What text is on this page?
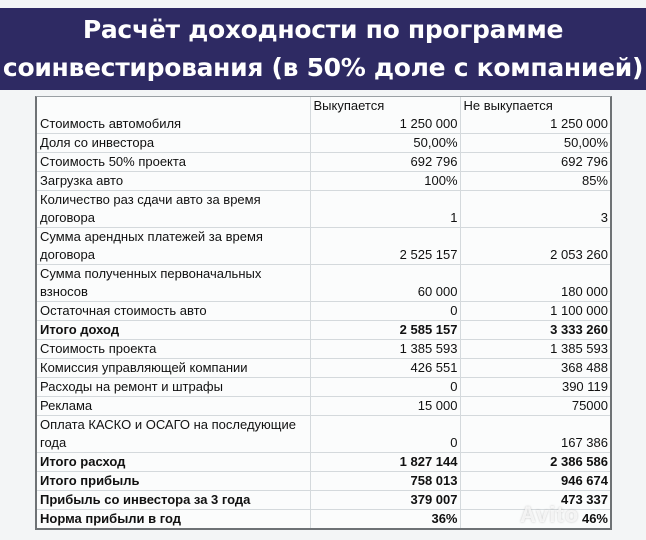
Расчёт доходности по программе
соинвестирования (в 50% доле с компанией)
	Выкупается	Не выкупается
Стоимость автомобиля	1 250 000	1 250 000
Доля со инвестора	50,00%	50,00%
Стоимость 50% проекта	692 796	692 796
Загрузка авто	100%	85%
Количество раз сдачи авто за время договора	1	3
Сумма арендных платежей за время договора	2 525 157	2 053 260
Сумма полученных первоначальных взносов	60 000	180 000
Остаточная стоимость авто	0	1 100 000
Итого доход	2 585 157	3 333 260
Стоимость проекта	1 385 593	1 385 593
Комиссия управляющей компании	426 551	368 488
Расходы на ремонт и штрафы	0	390 119
Реклама	15 000	75000
Оплата КАСКО и ОСАГО на последующие года	0	167 386
Итого расход	1 827 144	2 386 586
Итого прибыль	758 013	946 674
Прибыль со инвестора за 3 года	379 007	473 337
Норма прибыли в год	36%	46%
Avito
